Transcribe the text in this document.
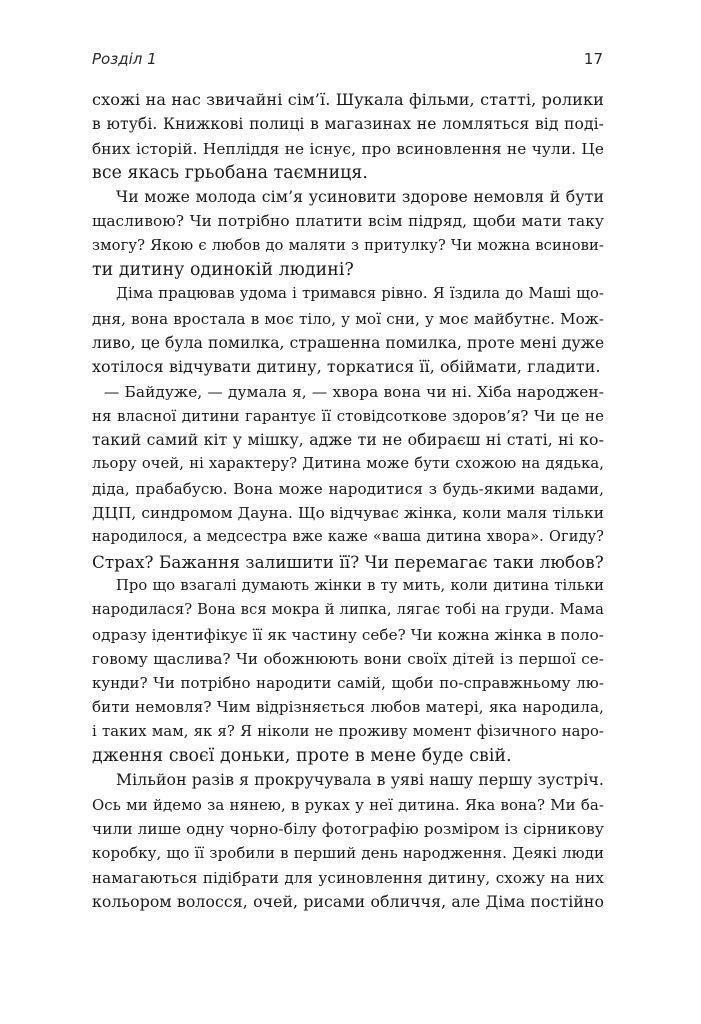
Розділ 1	17
схожі на нас звичайні сім’ї. Шукала фільми, статті, ролики
в ютубі. Книжкові полиці в магазинах не ломляться від поді-
бних історій. Непліддя не існує, про всиновлення не чули. Це
все якась грьобана таємниця.
Чи може молода сім’я усиновити здорове немовля й бути
щасливою? Чи потрібно платити всім підряд, щоби мати таку
змогу? Якою є любов до маляти з притулку? Чи можна всинови-
ти дитину одинокій людині?
Діма працював удома і тримався рівно. Я їздила до Маші що-
дня, вона вростала в моє тіло, у мої сни, у моє майбутнє. Мож-
ливо, це була помилка, страшенна помилка, проте мені дуже
хотілося відчувати дитину, торкатися її, обіймати, гладити.
— Байдуже, — думала я, — хвора вона чи ні. Хіба народжен-
ня власної дитини гарантує її стовідсоткове здоров’я? Чи це не
такий самий кіт у мішку, адже ти не обираєш ні статі, ні ко-
льору очей, ні характеру? Дитина може бути схожою на дядька,
діда, прабабусю. Вона може народитися з будь-якими вадами,
ДЦП, синдромом Дауна. Що відчуває жінка, коли маля тільки
народилося, а медсестра вже каже «ваша дитина хвора». Огиду?
Страх? Бажання залишити її? Чи перемагає таки любов?
Про що взагалі думають жінки в ту мить, коли дитина тільки
народилася? Вона вся мокра й липка, лягає тобі на груди. Мама
одразу ідентифікує її як частину себе? Чи кожна жінка в поло-
говому щаслива? Чи обожнюють вони своїх дітей із першої се-
кунди? Чи потрібно народити самій, щоби по-справжньому лю-
бити немовля? Чим відрізняється любов матері, яка народила,
і таких мам, як я? Я ніколи не проживу момент фізичного наро-
дження своєї доньки, проте в мене буде свій.
Мільйон разів я прокручувала в уяві нашу першу зустріч.
Ось ми йдемо за нянею, в руках у неї дитина. Яка вона? Ми ба-
чили лише одну чорно-білу фотографію розміром із сірникову
коробку, що її зробили в перший день народження. Деякі люди
намагаються підібрати для усиновлення дитину, схожу на них
кольором волосся, очей, рисами обличчя, але Діма постійно
